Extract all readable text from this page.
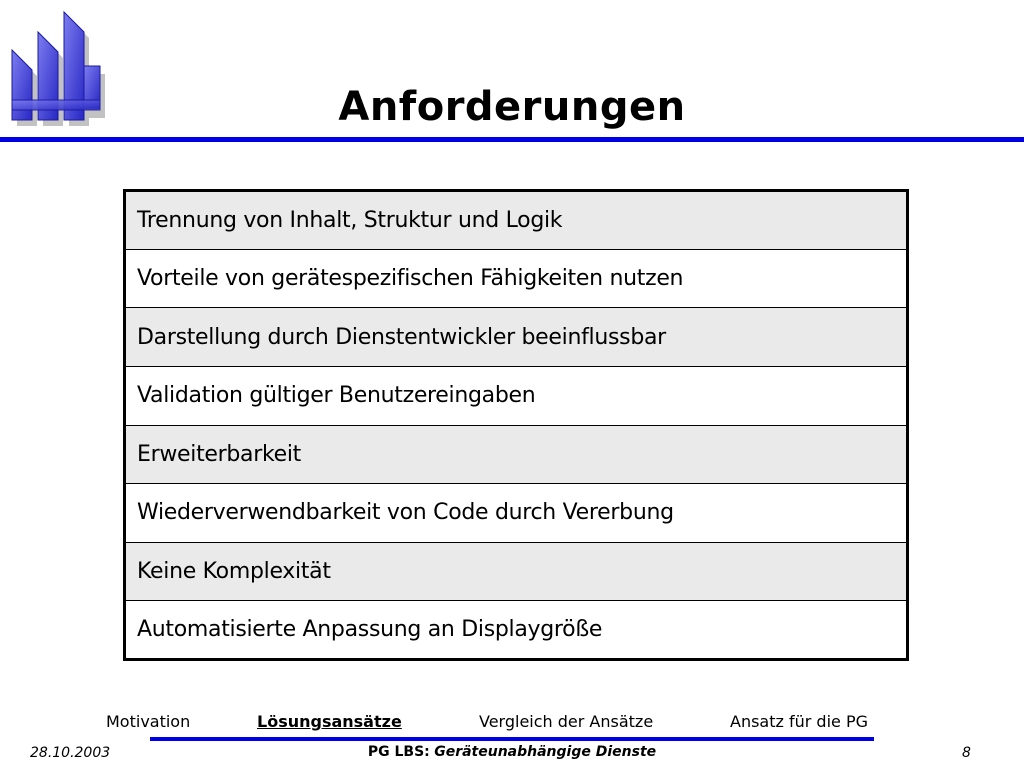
Anforderungen
Trennung von Inhalt, Struktur und Logik
Vorteile von gerätespezifischen Fähigkeiten nutzen
Darstellung durch Dienstentwickler beeinflussbar
Validation gültiger Benutzereingaben
Erweiterbarkeit
Wiederverwendbarkeit von Code durch Vererbung
Keine Komplexität
Automatisierte Anpassung an Displaygröße
Motivation	Lösungsansätze	Vergleich der Ansätze	Ansatz für die PG
28.10.2003	PG LBS: Geräteunabhängige Dienste	8
